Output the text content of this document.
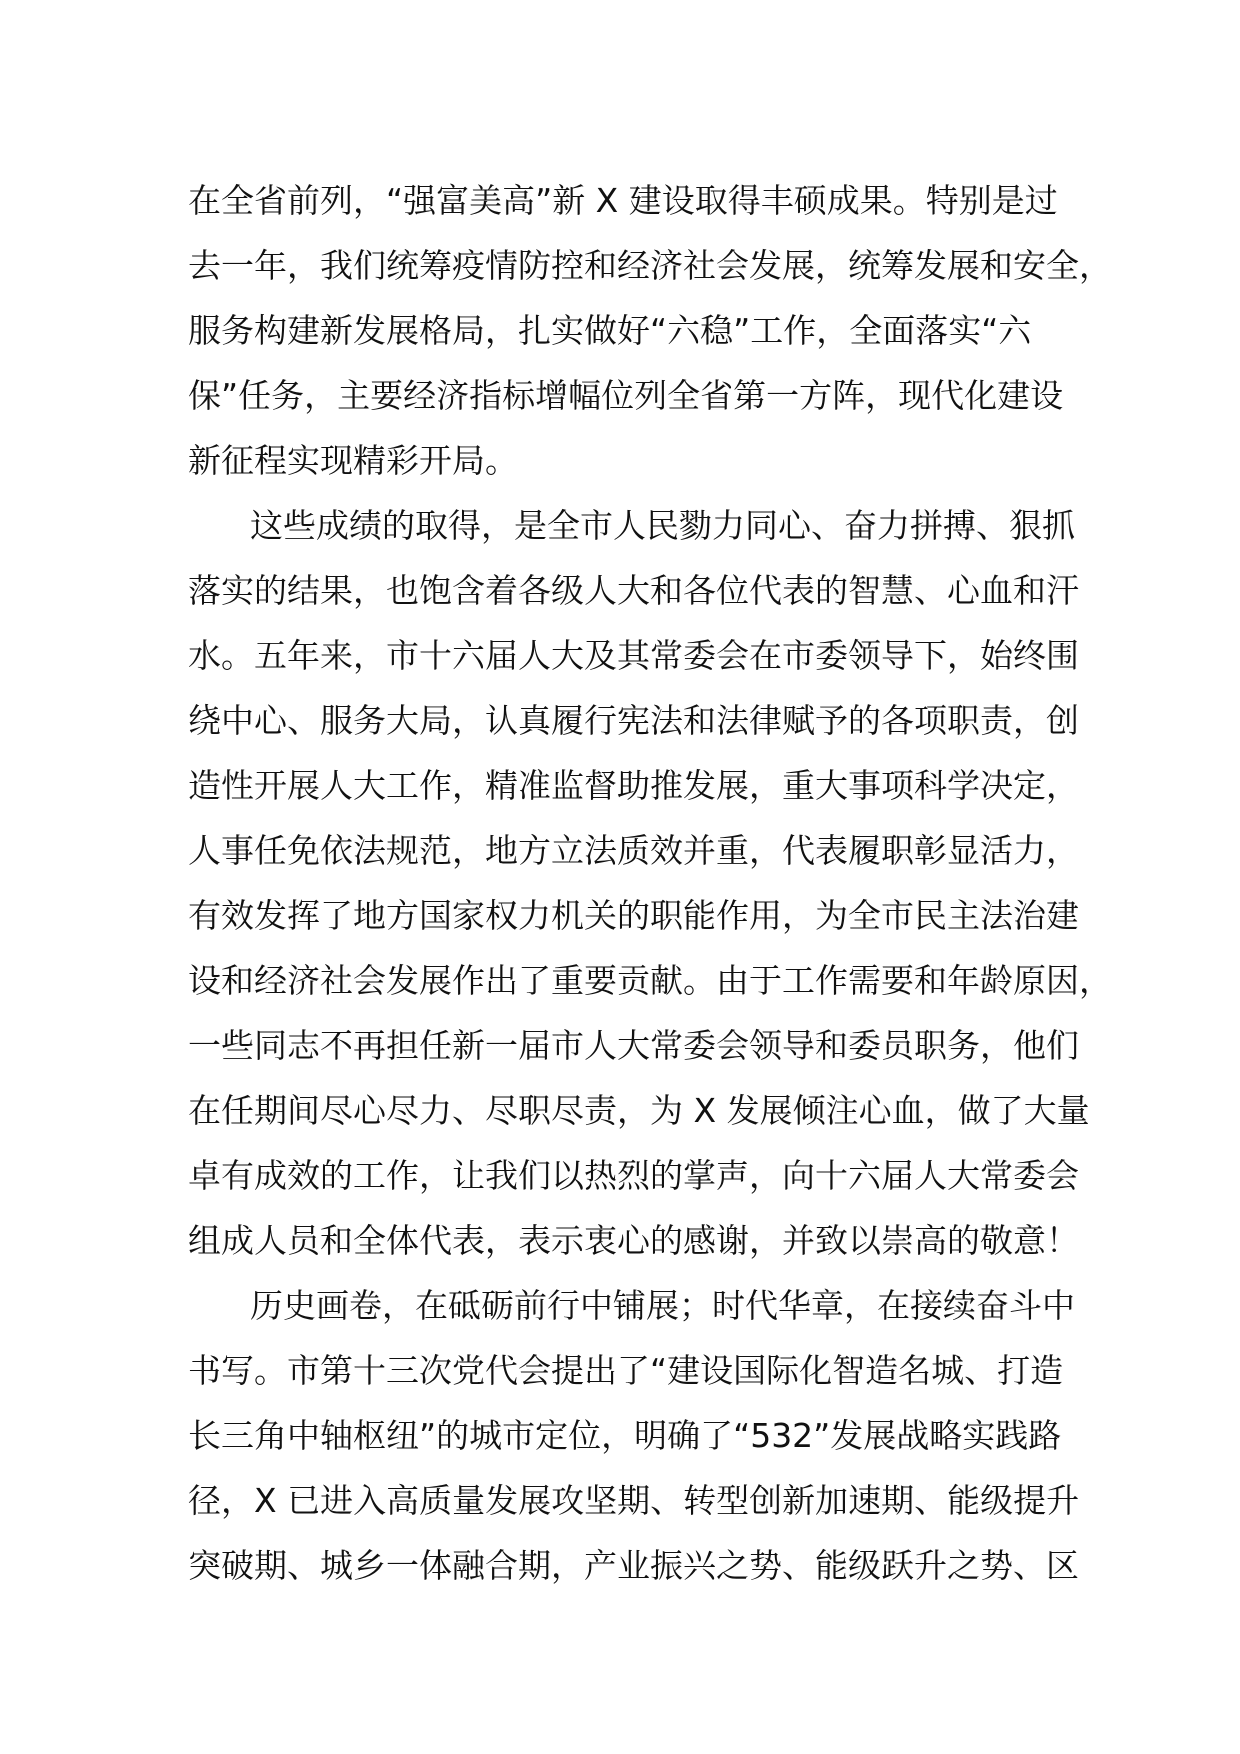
在全省前列，“强富美高”新 X 建设取得丰硕成果。特别是过
去一年，我们统筹疫情防控和经济社会发展，统筹发展和安全，
服务构建新发展格局，扎实做好“六稳”工作，全面落实“六
保”任务，主要经济指标增幅位列全省第一方阵，现代化建设
新征程实现精彩开局。
这些成绩的取得，是全市人民勠力同心、奋力拼搏、狠抓
落实的结果，也饱含着各级人大和各位代表的智慧、心血和汗
水。五年来，市十六届人大及其常委会在市委领导下，始终围
绕中心、服务大局，认真履行宪法和法律赋予的各项职责，创
造性开展人大工作，精准监督助推发展，重大事项科学决定，
人事任免依法规范，地方立法质效并重，代表履职彰显活力，
有效发挥了地方国家权力机关的职能作用，为全市民主法治建
设和经济社会发展作出了重要贡献。由于工作需要和年龄原因，
一些同志不再担任新一届市人大常委会领导和委员职务，他们
在任期间尽心尽力、尽职尽责，为 X 发展倾注心血，做了大量
卓有成效的工作，让我们以热烈的掌声，向十六届人大常委会
组成人员和全体代表，表示衷心的感谢，并致以崇高的敬意！
历史画卷，在砥砺前行中铺展；时代华章，在接续奋斗中
书写。市第十三次党代会提出了“建设国际化智造名城、打造
长三角中轴枢纽”的城市定位，明确了“532”发展战略实践路
径，X 已进入高质量发展攻坚期、转型创新加速期、能级提升
突破期、城乡一体融合期，产业振兴之势、能级跃升之势、区
